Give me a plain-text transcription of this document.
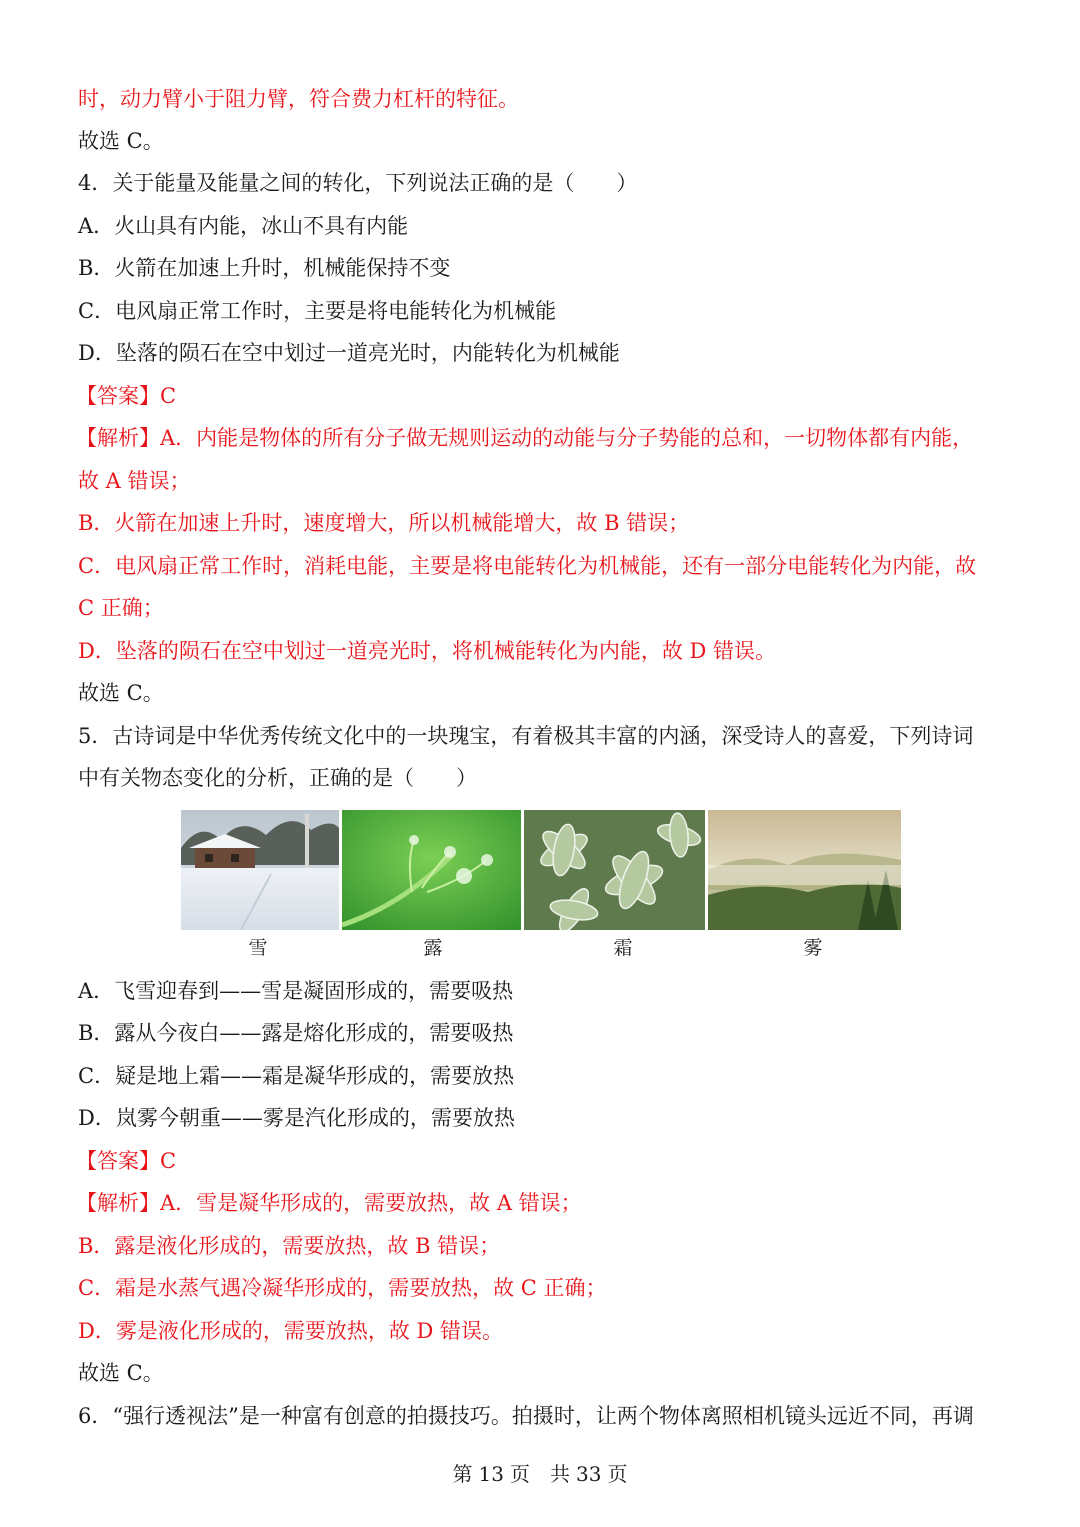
时，动力臂小于阻力臂，符合费力杠杆的特征。
故选 C。
4．关于能量及能量之间的转化，下列说法正确的是（　　）
A．火山具有内能，冰山不具有内能
B．火箭在加速上升时，机械能保持不变
C．电风扇正常工作时，主要是将电能转化为机械能
D．坠落的陨石在空中划过一道亮光时，内能转化为机械能
【答案】C
【解析】A．内能是物体的所有分子做无规则运动的动能与分子势能的总和，一切物体都有内能，
故 A 错误；
B．火箭在加速上升时，速度增大，所以机械能增大，故 B 错误；
C．电风扇正常工作时，消耗电能，主要是将电能转化为机械能，还有一部分电能转化为内能，故
C 正确；
D．坠落的陨石在空中划过一道亮光时，将机械能转化为内能，故 D 错误。
故选 C。
5．古诗词是中华优秀传统文化中的一块瑰宝，有着极其丰富的内涵，深受诗人的喜爱，下列诗词
中有关物态变化的分析，正确的是（　　）
雪	露	霜	雾
A．飞雪迎春到——雪是凝固形成的，需要吸热
B．露从今夜白——露是熔化形成的，需要吸热
C．疑是地上霜——霜是凝华形成的，需要放热
D．岚雾今朝重——雾是汽化形成的，需要放热
【答案】C
【解析】A．雪是凝华形成的，需要放热，故 A 错误；
B．露是液化形成的，需要放热，故 B 错误；
C．霜是水蒸气遇冷凝华形成的，需要放热，故 C 正确；
D．雾是液化形成的，需要放热，故 D 错误。
故选 C。
6．“强行透视法”是一种富有创意的拍摄技巧。拍摄时，让两个物体离照相机镜头远近不同，再调
第 13 页　共 33 页
